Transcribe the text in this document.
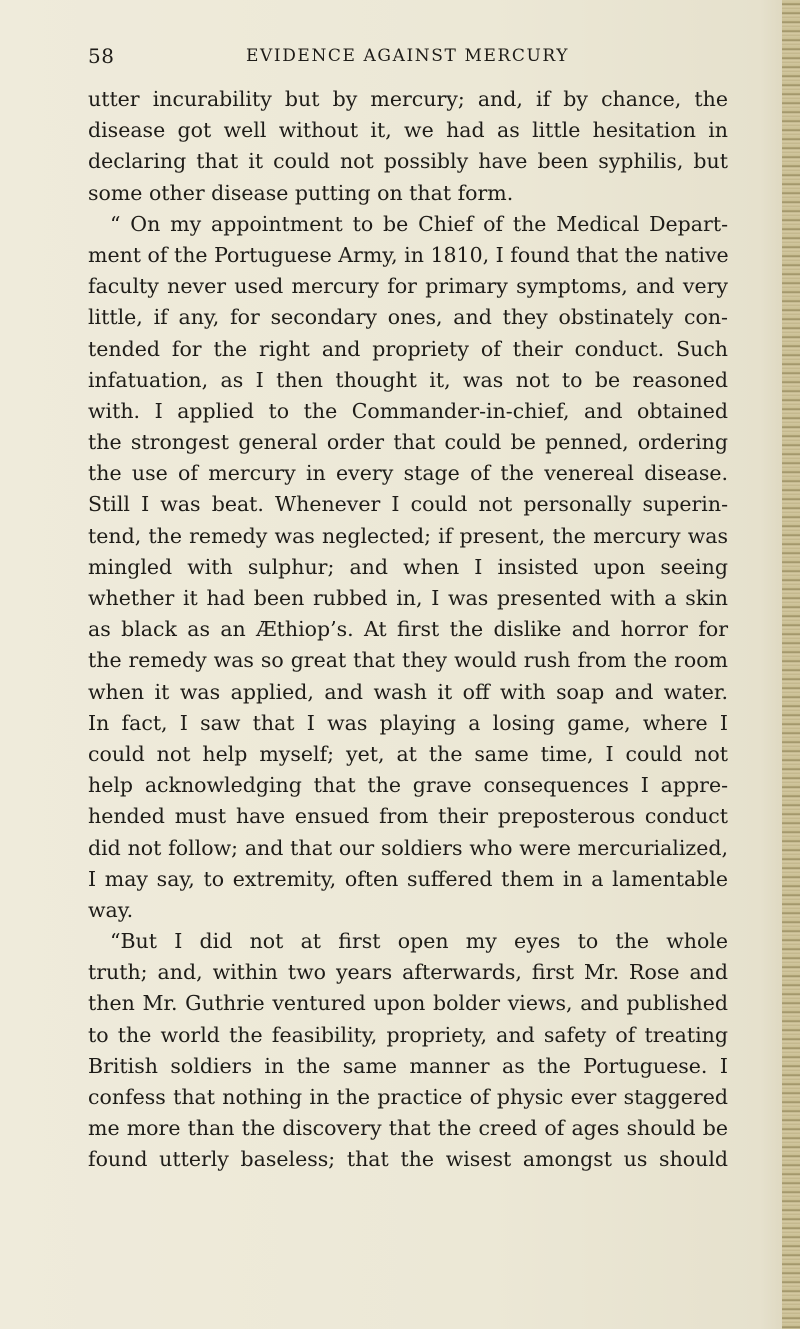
58	EVIDENCE AGAINST MERCURY
utter incurability but by mercury; and, if by chance, the
disease got well without it, we had as little hesitation in
declaring that it could not possibly have been syphilis, but
some other disease putting on that form.
“ On my appointment to be Chief of the Medical Depart-
ment of the Portuguese Army, in 1810, I found that the native
faculty never used mercury for primary symptoms, and very
little, if any, for secondary ones, and they obstinately con-
tended for the right and propriety of their conduct. Such
infatuation, as I then thought it, was not to be reasoned
with. I applied to the Commander-in-chief, and obtained
the strongest general order that could be penned, ordering
the use of mercury in every stage of the venereal disease.
Still I was beat. Whenever I could not personally superin-
tend, the remedy was neglected; if present, the mercury was
mingled with sulphur; and when I insisted upon seeing
whether it had been rubbed in, I was presented with a skin
as black as an Æthiop’s. At first the dislike and horror for
the remedy was so great that they would rush from the room
when it was applied, and wash it off with soap and water.
In fact, I saw that I was playing a losing game, where I
could not help myself; yet, at the same time, I could not
help acknowledging that the grave consequences I appre-
hended must have ensued from their preposterous conduct
did not follow; and that our soldiers who were mercurialized,
I may say, to extremity, often suffered them in a lamentable
way.
“But I did not at first open my eyes to the whole
truth; and, within two years afterwards, first Mr. Rose and
then Mr. Guthrie ventured upon bolder views, and published
to the world the feasibility, propriety, and safety of treating
British soldiers in the same manner as the Portuguese. I
confess that nothing in the practice of physic ever staggered
me more than the discovery that the creed of ages should be
found utterly baseless; that the wisest amongst us should
